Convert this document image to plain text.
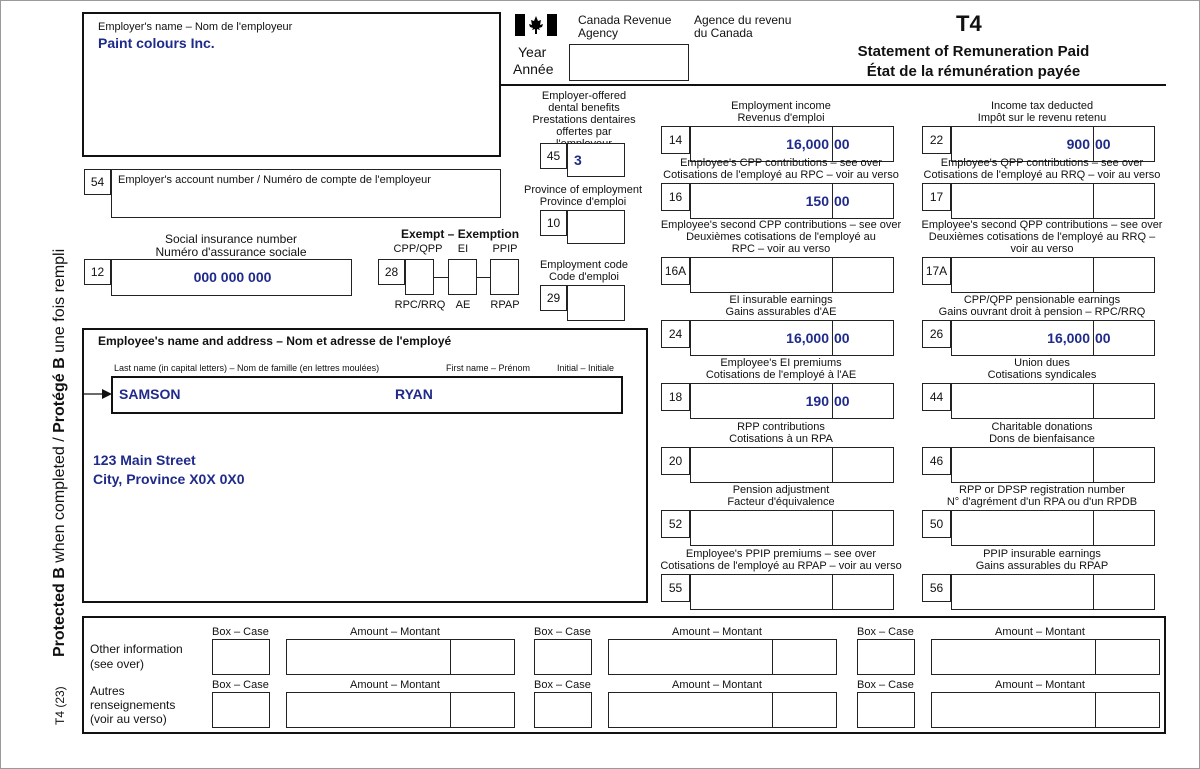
Protected B when completed / Protégé B une fois rempli
T4 (23)
Employer's name – Nom de l'employeur
Paint colours Inc.
Canada Revenue Agency
Agence du revenu du Canada
Year
Année
T4
Statement of Remuneration Paid
État de la rémunération payée
54	Employer's account number / Numéro de compte de l'employeur
Social insurance number
Numéro d'assurance sociale
12	000 000 000
Exempt – Exemption
CPP/QPP	EI	PPIP
28
RPC/RRQ AE	RPAP
Employer-offered
dental benefits
Prestations dentaires
offertes par
45 3
Province of employment
Province d'emploi
10
Employment code
Code d'emploi
29
Employee's name and address – Nom et adresse de l'employé
Last name (in capital letters) – Nom de famille (en lettres moulées)	First name – Prénom	Initial – Initiale
SAMSON	RYAN
123 Main Street
City, Province X0X 0X0
Employment income
Revenus d'emploi
14	16,000 00
Employee's CPP contributions – see over
Cotisations de l'employé au RPC – voir au verso
16	150 00
Employee's second CPP contributions – see over
Deuxièmes cotisations de l'employé au
RPC – voir au verso
16A
EI insurable earnings
Gains assurables d'AE
24	16,000 00
Employee's EI premiums
Cotisations de l'employé à l'AE
18	190 00
RPP contributions
Cotisations à un RPA
20
Pension adjustment
Facteur d'équivalence
52
Employee's PPIP premiums – see over
Cotisations de l'employé au RPAP – voir au verso
55
Income tax deducted
Impôt sur le revenu retenu
22	900 00
Employee's QPP contributions – see over
Cotisations de l'employé au RRQ – voir au verso
17
Employee's second QPP contributions – see over
Deuxièmes cotisations de l'employé au RRQ –
voir au verso
17A
CPP/QPP pensionable earnings
Gains ouvrant droit à pension – RPC/RRQ
26	16,000 00
Union dues
Cotisations syndicales
44
Charitable donations
Dons de bienfaisance
46
RPP or DPSP registration number
N° d'agrément d'un RPA ou d'un RPDB
50
PPIP insurable earnings
Gains assurables du RPAP
56
Other information
(see over)
Autres
renseignements
(voir au verso)
Box – Case	Amount – Montant	Box – Case	Amount – Montant	Box – Case	Amount – Montant
Box – Case	Amount – Montant	Box – Case	Amount – Montant	Box – Case	Amount – Montant
